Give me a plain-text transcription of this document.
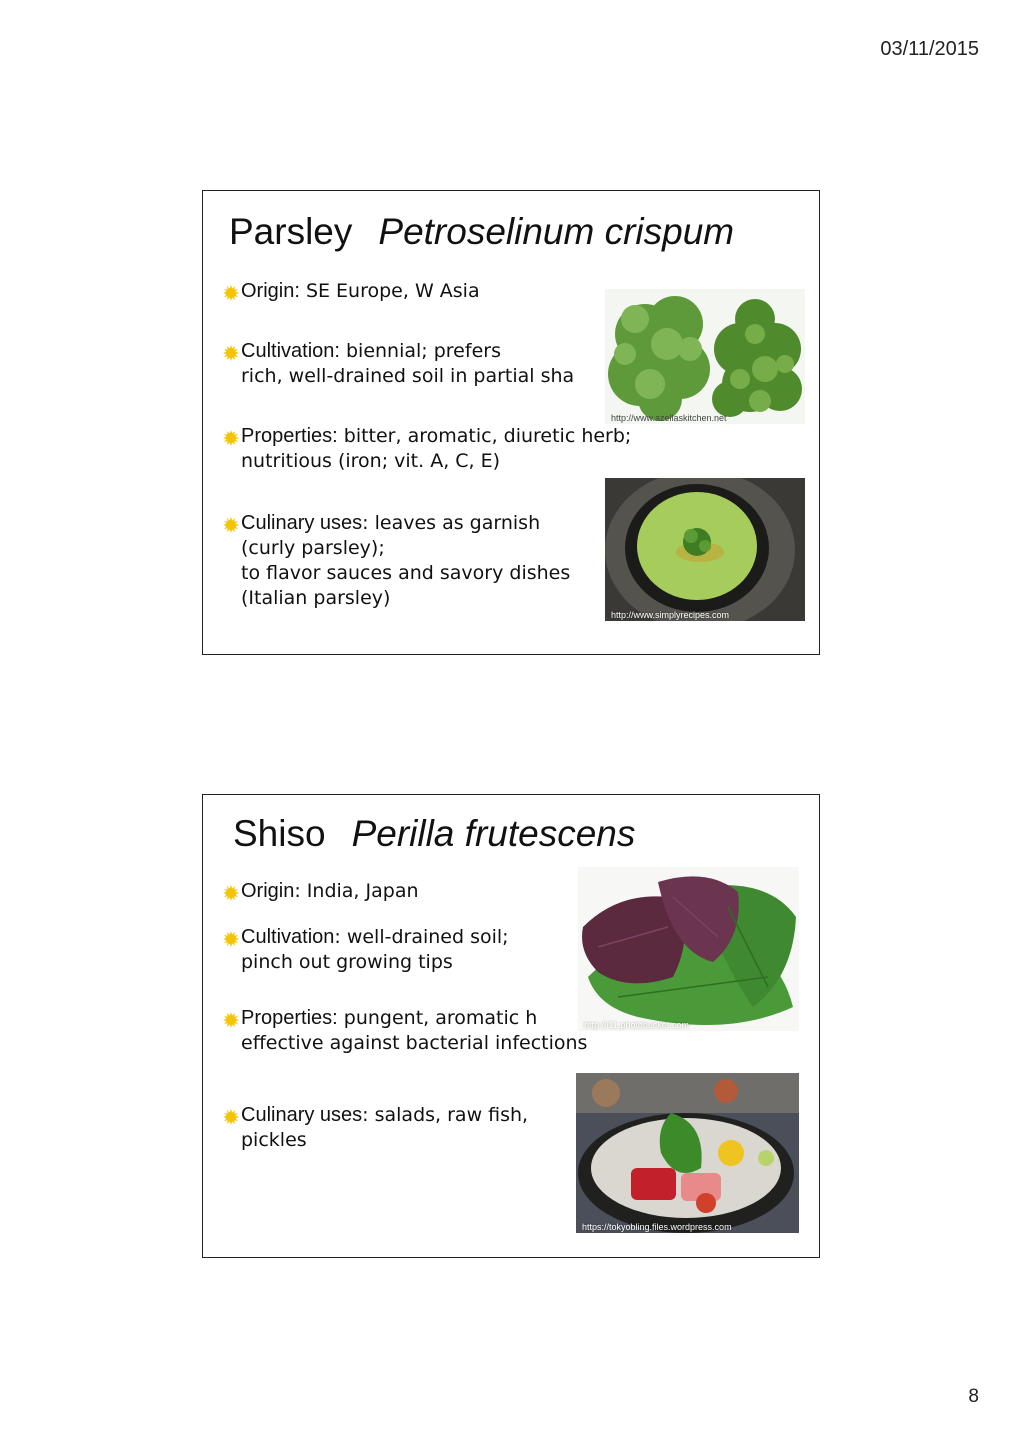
03/11/2015
Parsley Petroselinum crispum
Origin: SE Europe, W Asia
Cultivation: biennial; prefers
rich, well-drained soil in partial sha
Properties: bitter, aromatic, diuretic herb;
nutritious (iron; vit. A, C, E)
Culinary uses: leaves as garnish
(curly parsley);
to flavor sauces and savory dishes
(Italian parsley)
http://www.azellaskitchen.net
http://www.simplyrecipes.com
Shiso Perilla frutescens
Origin: India, Japan
Cultivation: well-drained soil;
pinch out growing tips
Properties: pungent, aromatic h
effective against bacterial infections
Culinary uses: salads, raw fish,
pickles
http://i11.photobucket.com
https://tokyobling.files.wordpress.com
8
